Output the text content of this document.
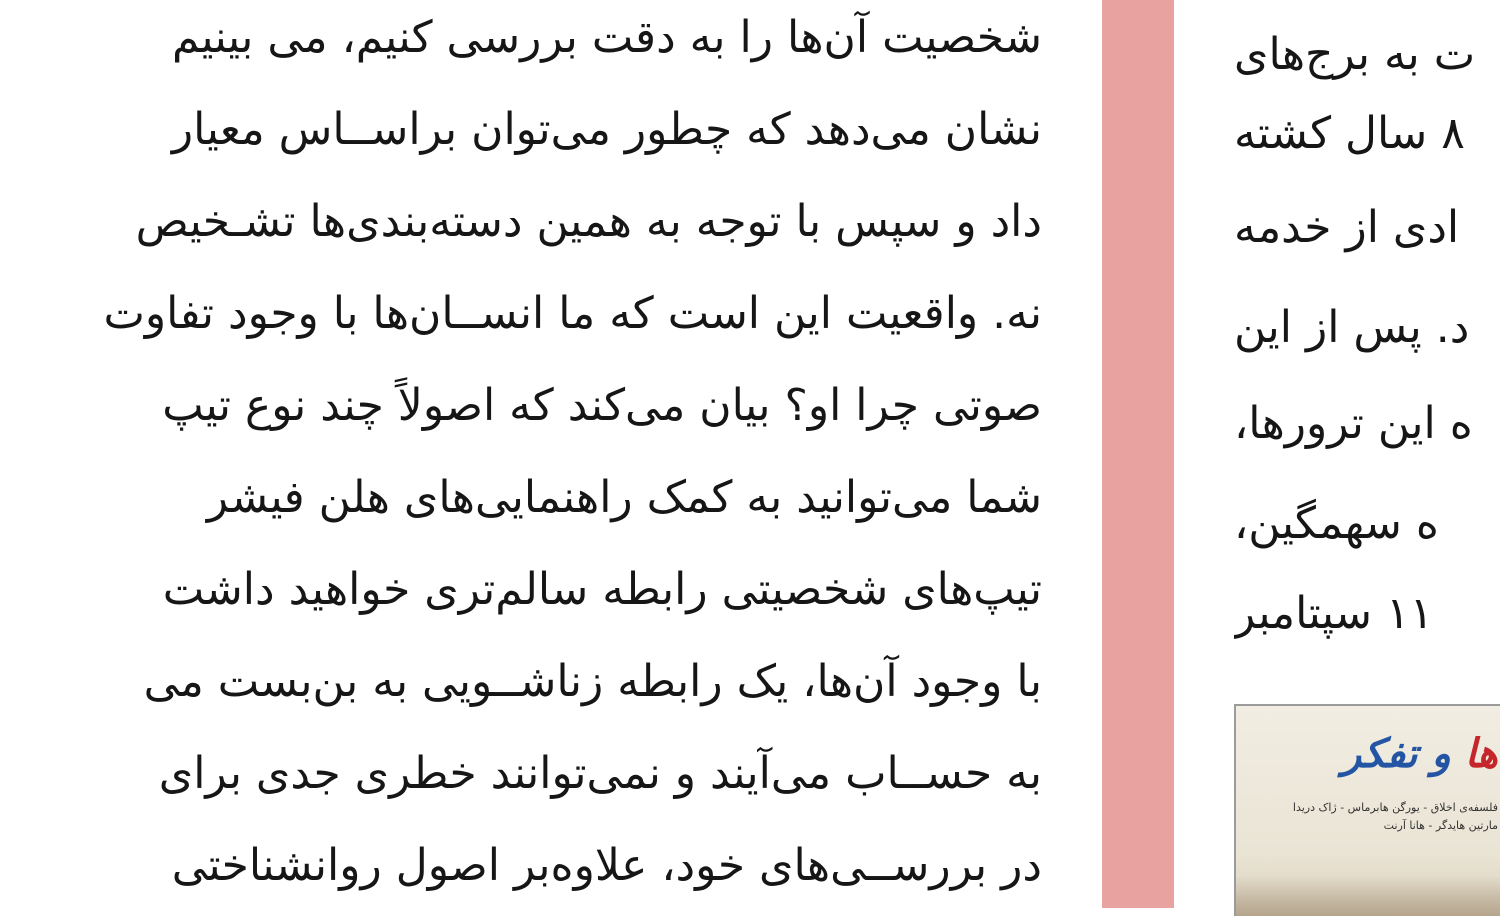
شخصیت آن‌ها را به دقت بررسی کنیم، می بینیم
نشان می‌دهد که چطور می‌توان براســاس معیار
داد و سپس با توجه به همین دسته‌بندی‌ها تشـخیص
نه. واقعیت این است که ما انســان‌ها با وجود تفاوت
صوتی چرا او؟ بیان می‌کند که اصولاً چند نوع تیپ
شما می‌توانید به کمک راهنمایی‌های هلن فیشر
تیپ‌های شخصیتی رابطه سالم‌تری خواهید داشت
با وجود آن‌ها، یک رابطه زناشــویی به بن‌بست می
به حســاب می‌آیند و نمی‌توانند خطری جدی برای
در بررســی‌های خود، علاوه‌بر اصول روانشناختی
ت به برج‌های
۸ سال کشته
ادی از خدمه
د. پس از این
ه این ترورها،
ه سهمگین،
۱۱ سپتامبر
ها و تفکر
فلسفه‌ی اخلاق - یورگن هابرماس - ژاک دریدا
مارتین هایدگر - هانا آرنت
